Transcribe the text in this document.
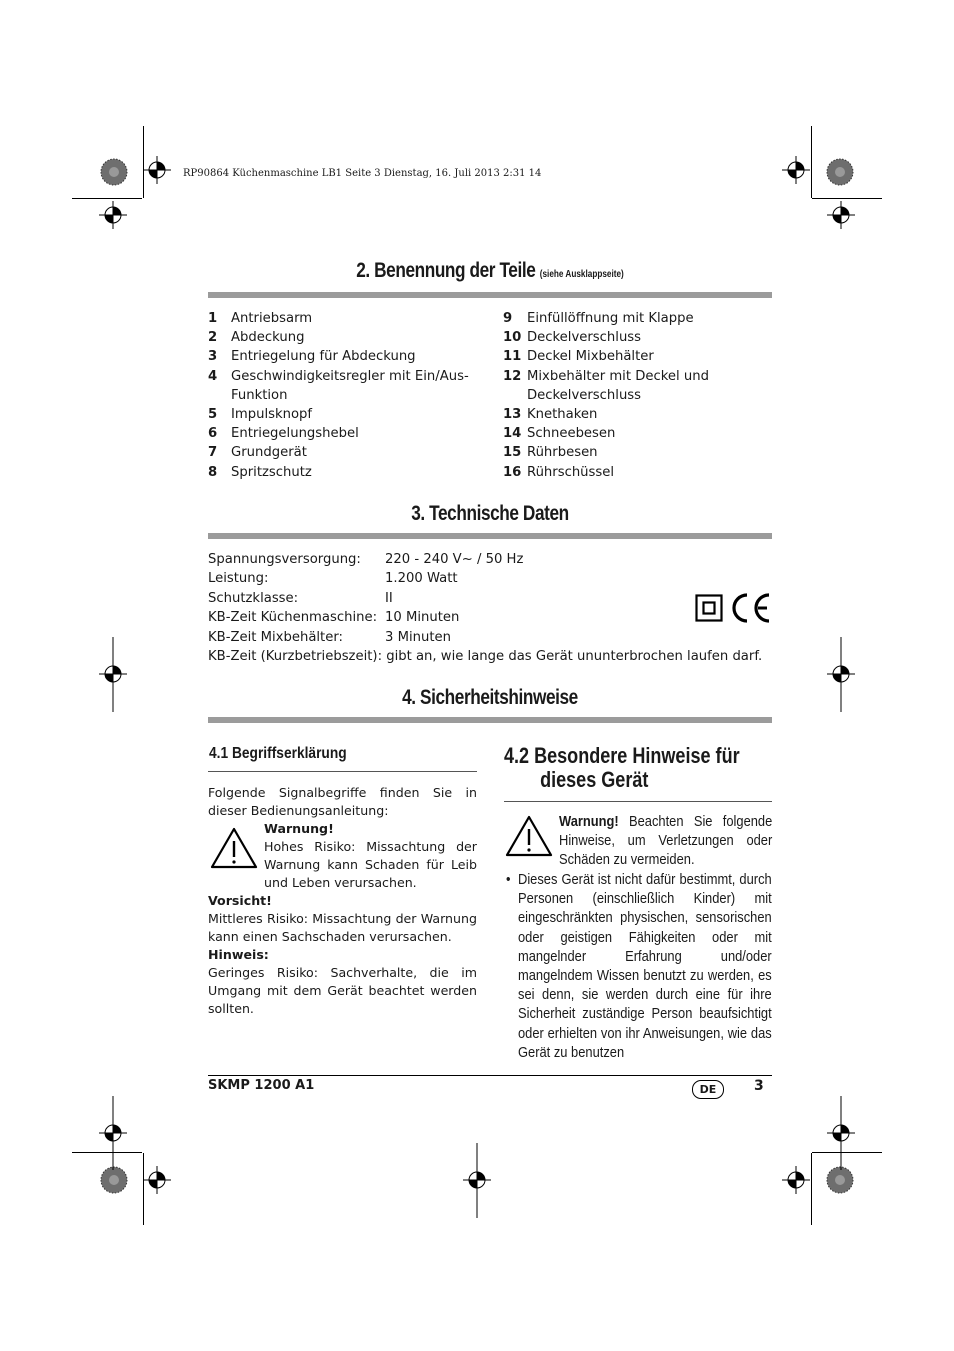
RP90864 Küchenmaschine LB1 Seite 3 Dienstag, 16. Juli 2013 2:31 14
2. Benennung der Teile (siehe Ausklappseite)
1	Antriebsarm
2	Abdeckung
3	Entriegelung für Abdeckung
4	Geschwindigkeitsregler mit Ein/Aus-
Funktion
5	Impulsknopf
6	Entriegelungshebel
7	Grundgerät
8	Spritzschutz
9	Einfüllöffnung mit Klappe
10 Deckelverschluss
11 Deckel Mixbehälter
12 Mixbehälter mit Deckel und
Deckelverschluss
13 Knethaken
14 Schneebesen
15 Rührbesen
16 Rührschüssel
3. Technische Daten
Spannungsversorgung:	220 - 240 V~ / 50 Hz
Leistung:	1.200 Watt
Schutzklasse:	II
KB-Zeit Küchenmaschine: 10 Minuten
KB-Zeit Mixbehälter:	3 Minuten
KB-Zeit (Kurzbetriebszeit): gibt an, wie lange das Gerät ununterbrochen laufen darf.
4. Sicherheitshinweise
4.1 Begriffserklärung
Folgende Signalbegriffe finden Sie in dieser Bedienungsanleitung:
Warnung!
Hohes Risiko: Missachtung der Warnung kann Schaden für Leib und Leben verursachen.
Vorsicht!
Mittleres Risiko: Missachtung der Warnung kann einen Sachschaden verursachen.
Hinweis:
Geringes Risiko: Sachverhalte, die im Umgang mit dem Gerät beachtet werden sollten.
4.2 Besondere Hinweise für
dieses Gerät
Warnung! Beachten Sie folgende Hinweise, um Verletzungen oder Schäden zu vermeiden.
• Dieses Gerät ist nicht dafür bestimmt, durch Personen (einschließlich Kinder) mit eingeschränkten physischen, sensorischen oder geistigen Fähigkeiten oder mit mangelnder Erfahrung und/oder mangelndem Wissen benutzt zu werden, es sei denn, sie werden durch eine für ihre Sicherheit zuständige Person beaufsichtigt oder erhielten von ihr Anweisungen, wie das Gerät zu benutzen
SKMP 1200 A1	DE	3
